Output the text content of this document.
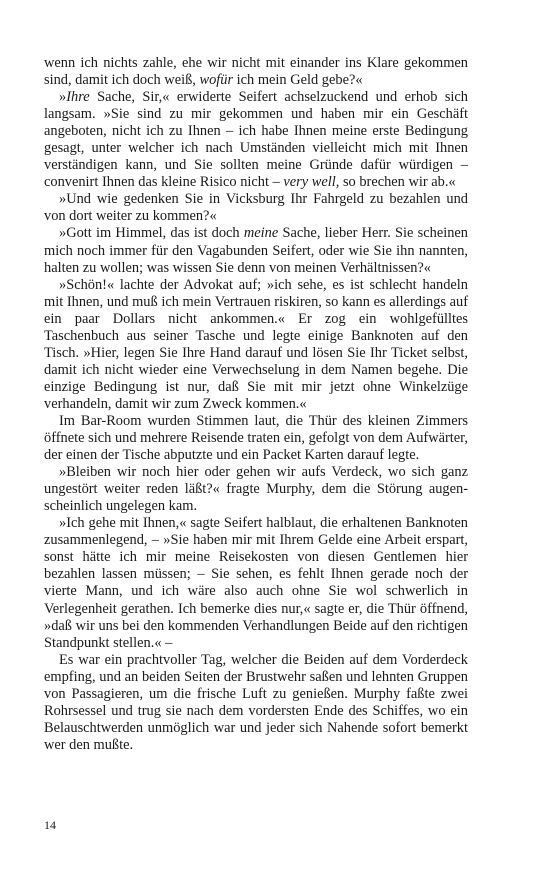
wenn ich nichts zahle, ehe wir nicht mit einander ins Klare gekommen sind, damit ich doch weiß, wofür ich mein Geld gebe?«

»Ihre Sache, Sir,« erwiderte Seifert achselzuckend und erhob sich langsam. »Sie sind zu mir gekommen und haben mir ein Geschäft angeboten, nicht ich zu Ihnen – ich habe Ihnen meine erste Bedingung gesagt, unter welcher ich nach Umständen vielleicht mich mit Ihnen verständigen kann, und Sie sollten meine Gründe dafür würdigen – convenirt Ihnen das kleine Risico nicht – very well, so brechen wir ab.«

»Und wie gedenken Sie in Vicksburg Ihr Fahrgeld zu bezahlen und von dort weiter zu kommen?«

»Gott im Himmel, das ist doch meine Sache, lieber Herr. Sie scheinen mich noch immer für den Vagabunden Seifert, oder wie Sie ihn nannten, halten zu wollen; was wissen Sie denn von meinen Verhältnissen?«

»Schön!« lachte der Advokat auf; »ich sehe, es ist schlecht handeln mit Ihnen, und muß ich mein Vertrauen riskiren, so kann es allerdings auf ein paar Dollars nicht ankommen.« Er zog ein wohlgefülltes Taschenbuch aus seiner Tasche und legte einige Banknoten auf den Tisch. »Hier, legen Sie Ihre Hand darauf und lösen Sie Ihr Ticket selbst, damit ich nicht wieder eine Verwechselung in dem Namen begehe. Die einzige Bedingung ist nur, daß Sie mit mir jetzt ohne Winkelzüge verhandeln, damit wir zum Zweck kommen.«

Im Bar-Room wurden Stimmen laut, die Thür des kleinen Zimmers öffnete sich und mehrere Reisende traten ein, gefolgt von dem Aufwärter, der einen der Tische abputzte und ein Packet Karten darauf legte.

»Bleiben wir noch hier oder gehen wir aufs Verdeck, wo sich ganz ungestört weiter reden läßt?« fragte Murphy, dem die Störung augenscheinlich ungelegen kam.

»Ich gehe mit Ihnen,« sagte Seifert halblaut, die erhaltenen Banknoten zusammenlegend, – »Sie haben mir mit Ihrem Gelde eine Arbeit erspart, sonst hätte ich mir meine Reisekosten von diesen Gentlemen hier bezahlen lassen müssen; – Sie sehen, es fehlt Ihnen gerade noch der vierte Mann, und ich wäre also auch ohne Sie wol schwerlich in Verlegenheit gerathen. Ich bemerke dies nur,« sagte er, die Thür öffnend, »daß wir uns bei den kommenden Verhandlungen Beide auf den richtigen Standpunkt stellen.« –

Es war ein prachtvoller Tag, welcher die Beiden auf dem Vorderdeck empfing, und an beiden Seiten der Brustwehr saßen und lehnten Gruppen von Passagieren, um die frische Luft zu genießen. Murphy faßte zwei Rohrsessel und trug sie nach dem vordersten Ende des Schiffes, wo ein Belauschtwerden unmöglich war und jeder sich Nahende sofort bemerkt wer den mußte.

14
